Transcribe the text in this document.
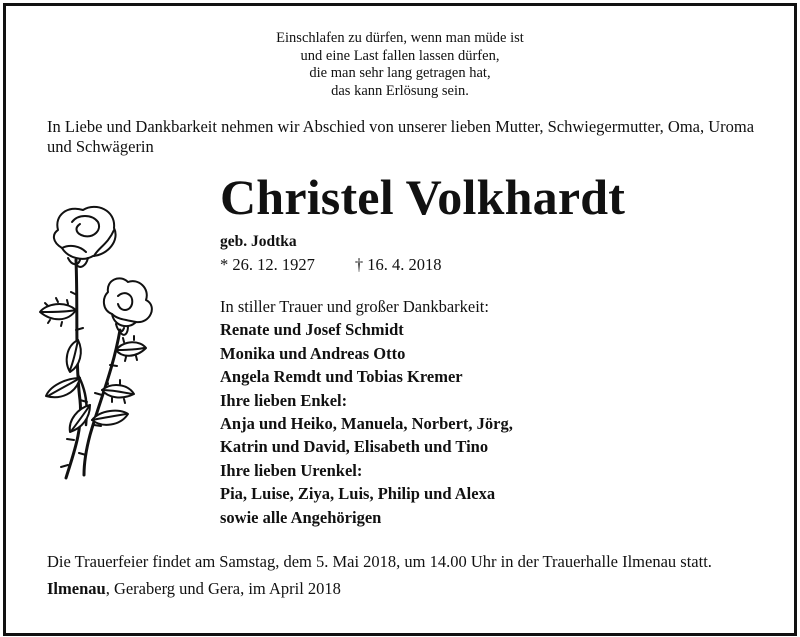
Einschlafen zu dürfen, wenn man müde ist
und eine Last fallen lassen dürfen,
die man sehr lang getragen hat,
das kann Erlösung sein.
In Liebe und Dankbarkeit nehmen wir Abschied von unserer lieben Mutter, Schwiegermutter, Oma, Uroma und Schwägerin
Christel Volkhardt
geb. Jodtka
* 26. 12. 1927 † 16. 4. 2018
In stiller Trauer und großer Dankbarkeit:
Renate und Josef Schmidt
Monika und Andreas Otto
Angela Remdt und Tobias Kremer
Ihre lieben Enkel:
Anja und Heiko, Manuela, Norbert, Jörg,
Katrin und David, Elisabeth und Tino
Ihre lieben Urenkel:
Pia, Luise, Ziya, Luis, Philip und Alexa
sowie alle Angehörigen
Die Trauerfeier findet am Samstag, dem 5. Mai 2018, um 14.00 Uhr in der Trauerhalle Ilmenau statt.
Ilmenau, Geraberg und Gera, im April 2018
